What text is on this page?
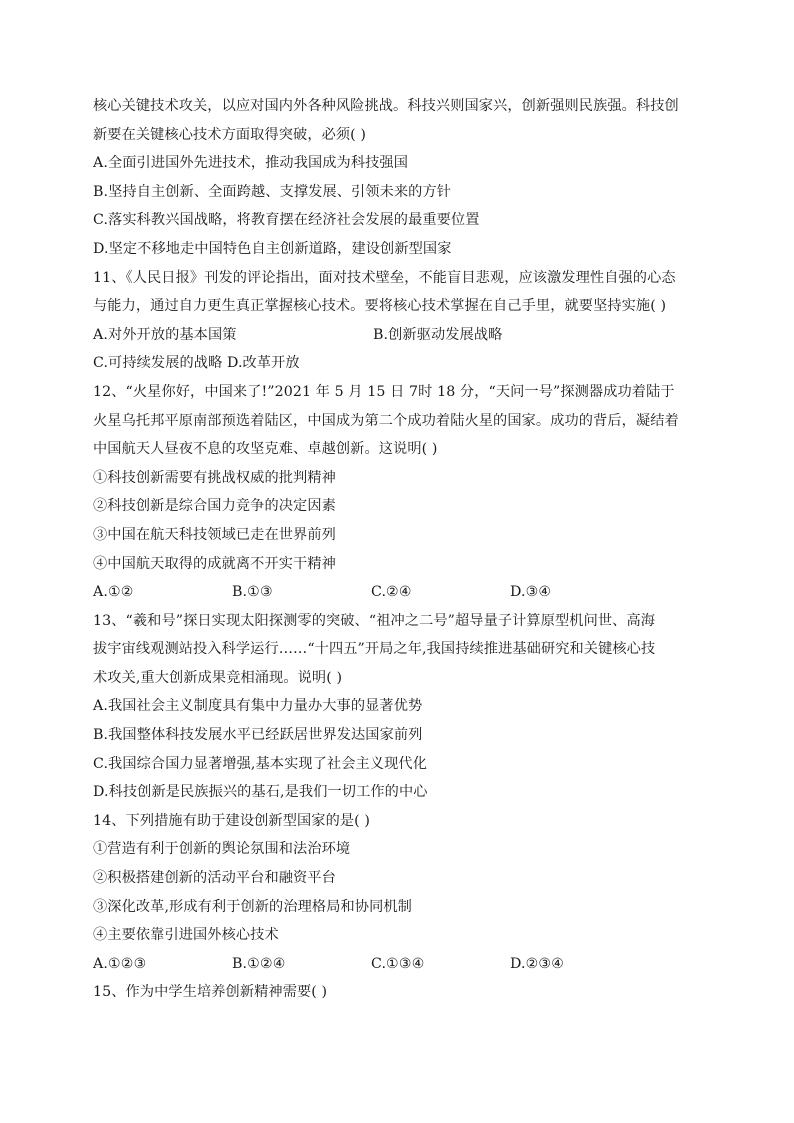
核心关键技术攻关，以应对国内外各种风险挑战。科技兴则国家兴，创新强则民族强。科技创
新要在关键核心技术方面取得突破，必须( )
A.全面引进国外先进技术，推动我国成为科技强国
B.坚持自主创新、全面跨越、支撑发展、引领未来的方针
C.落实科教兴国战略，将教育摆在经济社会发展的最重要位置
D.坚定不移地走中国特色自主创新道路，建设创新型国家
11、《人民日报》刊发的评论指出，面对技术壁垒，不能盲目悲观，应该激发理性自强的心态
与能力，通过自力更生真正掌握核心技术。要将核心技术掌握在自己手里，就要坚持实施( )
A.对外开放的基本国策	B.创新驱动发展战略
C.可持续发展的战略 D.改革开放
12、“火星你好，中国来了!”2021 年 5 月 15 日 7时 18 分，“天问一号”探测器成功着陆于
火星乌托邦平原南部预选着陆区，中国成为第二个成功着陆火星的国家。成功的背后，凝结着
中国航天人昼夜不息的攻坚克难、卓越创新。这说明( )
①科技创新需要有挑战权威的批判精神
②科技创新是综合国力竞争的决定因素
③中国在航天科技领域已走在世界前列
④中国航天取得的成就离不开实干精神
A.①②	B.①③	C.②④	D.③④
13、“羲和号”探日实现太阳探测零的突破、“祖冲之二号”超导量子计算原型机问世、高海
拔宇宙线观测站投入科学运行……“十四五”开局之年,我国持续推进基础研究和关键核心技
术攻关,重大创新成果竞相涌现。说明( )
A.我国社会主义制度具有集中力量办大事的显著优势
B.我国整体科技发展水平已经跃居世界发达国家前列
C.我国综合国力显著增强,基本实现了社会主义现代化
D.科技创新是民族振兴的基石,是我们一切工作的中心
14、下列措施有助于建设创新型国家的是( )
①营造有利于创新的舆论氛围和法治环境
②积极搭建创新的活动平台和融资平台
③深化改革,形成有利于创新的治理格局和协同机制
④主要依靠引进国外核心技术
A.①②③	B.①②④	C.①③④	D.②③④
15、作为中学生培养创新精神需要( )
